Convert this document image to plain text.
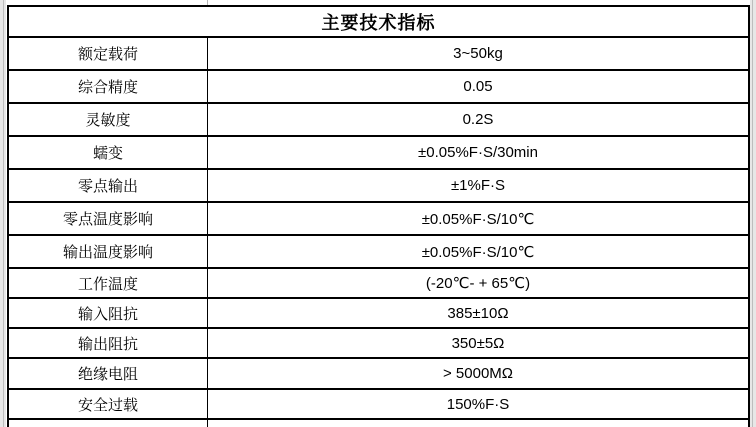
主要技术指标
额定载荷	3~50kg
综合精度	0.05
灵敏度	0.2S
蠕变	±0.05%F·S/30min
零点输出	±1%F·S
零点温度影响	±0.05%F·S/10℃
输出温度影响	±0.05%F·S/10℃
工作温度	(-20℃- + 65℃)
输入阻抗	385±10Ω
输出阻抗	350±5Ω
绝缘电阻	> 5000MΩ
安全过载	150%F·S
